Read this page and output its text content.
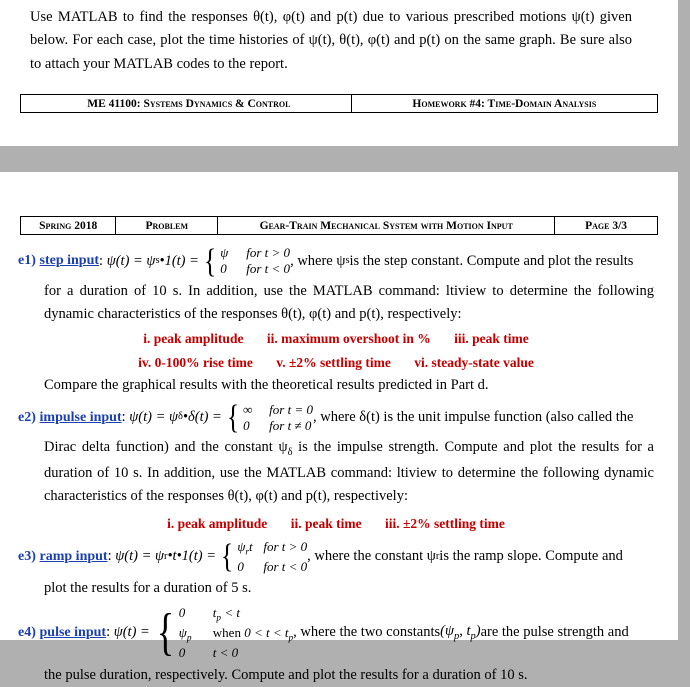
Use MATLAB to find the responses θ(t), φ(t) and p(t) due to various prescribed motions ψ(t) given below. For each case, plot the time histories of ψ(t), θ(t), φ(t) and p(t) on the same graph. Be sure also to attach your MATLAB codes to the report.
ME 41100: Systems Dynamics & Control	Homework #4: Time-Domain Analysis
Spring 2018	Problem	Gear-Train Mechanical System with Motion Input	Page 3/3
e1)
step input : ψ(t) = ψ s •1(t) = { ψ for t > 0
0 for t < 0
, where ψ s is the step constant. Compute and plot the results
for a duration of 10 s. In addition, use the MATLAB command: ltiview to determine the following dynamic characteristics of the responses θ(t), φ(t) and p(t), respectively:
i. peak amplitude ii. maximum overshoot in % iii. peak time
iv. 0-100% rise time v. ±2% settling time vi. steady-state value
Compare the graphical results with the theoretical results predicted in Part d.
e2)
impulse input : ψ(t) = ψ δ •δ(t) = { ∞ for t = 0
0 for t ≠ 0
, where δ(t) is the unit impulse function (also called the
Dirac delta function) and the constant $\psi_\delta$ is the impulse strength. Compute and plot the results for a duration of 10 s. In addition, use the MATLAB command: ltiview to determine the following dynamic characteristics of the responses θ(t), φ(t) and p(t), respectively:
i. peak amplitude ii. peak time iii. ±2% settling time
e3)
ramp input : ψ(t) = ψ r •t•1(t) = { $\psi_rt$ for t > 0
0 for t < 0
, where the constant ψ r is the ramp slope. Compute and
plot the results for a duration of 5 s.
e4)
pulse input : ψ(t) = { 0 $t_p < t$
$\psi_p$ when $0 < t < t_p$
0 t < 0
, where the two constants ($\psi_p$, $t_p$) are the pulse strength and
the pulse duration, respectively. Compute and plot the results for a duration of 10 s.
